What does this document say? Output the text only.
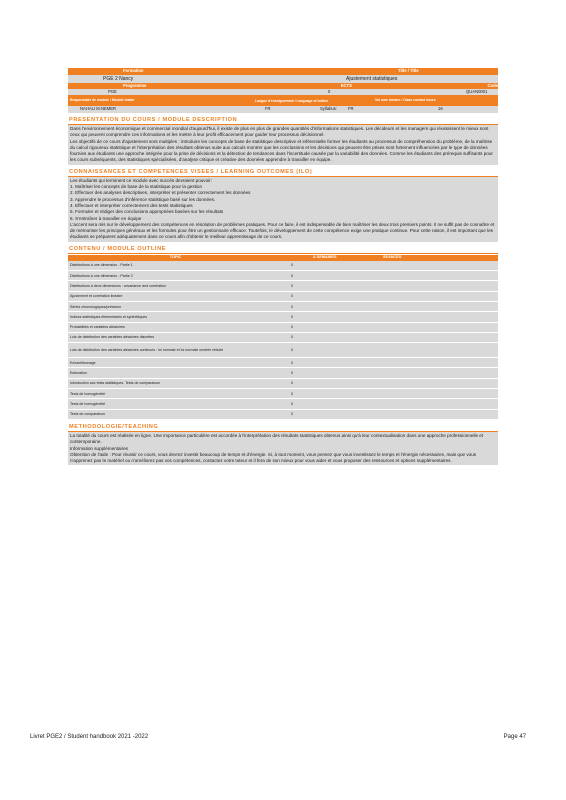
Formation	Title / Title
PGE 2 Nancy	Ajustement statistiques
Programme	ECTS	Code
PGE	0	QUAN0001
Responsable de module / Module leader	Langue d'enseignement / Language of tuition	Vol ume horaire / Class contact hours
NAHALI M.NEMER	FR	Syllabus:	FR	16
PRESENTATION DU COURS / MODULE DESCRIPTION

Dans l'environnement économique et commercial mondial d'aujourd'hui, il existe de plus en plus de grandes quantités d'informations statistiques. Les décideurs et les managers qui réussissent le mieux sont ceux qui peuvent comprendre ces informations et les mettre à leur profit efficacement pour guider leur processus décisionnel.

Les objectifs de ce cours d'ajustement sont multiples : introduire les concepts de base de statistique descriptive et inférentielle former les étudiants au processus de compréhension du problème, de la maîtrise du calcul rigoureux statistique et l'interprétation des résultats obtenus suite aux calculs montrer que les conclusions et les décisions qui peuvent être prises sont fortement influencées par le type de données fournies aux étudiants une approche intégrée pour la prise de décisions et la détection de tendances dans l'incertitude causée par la variabilité des données. Comme les étudiants des prérequis suffisants pour les cours subséquents, des statistiques spécialisées, d'analyse critique et créative des données apprendre à travailler en équipe.

CONNAISSANCES ET COMPETENCES VISEES / LEARNING OUTCOMES (ILO)

Les étudiants qui terminent ce module avec succès devraient pouvoir:

1. Maîtriser les concepts de base de la statistique pour la gestion

2. Effectuer des analyses descriptives, interpréter et présenter correctement les données

3. Apprendre le processus d'inférence statistique basé sur les données.

4. Effectuer et interpréter correctement des tests statistiques

5. Formuler et rédiger des conclusions appropriées basées sur les résultats

6. S'entraîner à travailler en équipe

L'accent sera mis sur le développement des compétences en résolution de problèmes pratiques. Pour ce faire, il est indispensable de bien maîtriser les deux trois premiers points. Il ne suffit pas de connaître et de mémoriser les principes généraux et les formules pour être un gestionnaire efficace. Toutefois, le développement de cette compétence exige une pratique continue. Pour cette raison, il est important que les étudiants se préparent adéquatement dans ce cours afin d'obtenir le meilleur apprentissage de ce cours.

CONTENU / MODULE OUTLINE
TOPIC	A SEMAINES	SEANCES
Distributions à une dimension - Partie 1	0
Distributions à une dimension - Partie 2	0
Distributions à deux dimensions : covariance and corrélation	0
Ajustement et corrélation linéaire	0
Séries chronologiques/prévision	0
Indices statistiques élémentaires et synthétiques	0
Probabilités et variables aléatoires	0
Lois de distribution des variables aléatoires discrètes	0
Lois de distribution des variables aléatoires continues : loi normale et loi normale centrée réduite	0
Echantillonnage	0
Estimation	0
Introduction aux tests statistiques. Tests de comparaison	0
Tests de homogénéité	0
Tests de homogénéité	0
Tests de comparaison	0
METHODOLOGIE/TEACHING

La totalité du cours est réalisée en ligne. Une importance particulière est accordée à l'interprétation des résultats statistiques obtenus ainsi qu'à leur contextualisation dans une approche professionnelle et contemporaine.

Information supplémentaires

Obtention de l'aide : Pour réussir ce cours, vous devrez investir beaucoup de temps et d'énergie. Si, à tout moment, vous pensez que vous investissez le temps et l'énergie nécessaires, mais que vous n'apprenez pas le matériel ou n'améliorez pas vos compétences, contactez votre tuteur et il fera de son mieux pour vous aider et vous proposer des ressources et options supplémentaires.

Livret PGE2 / Student handbook 2021 -2022	Page 47
